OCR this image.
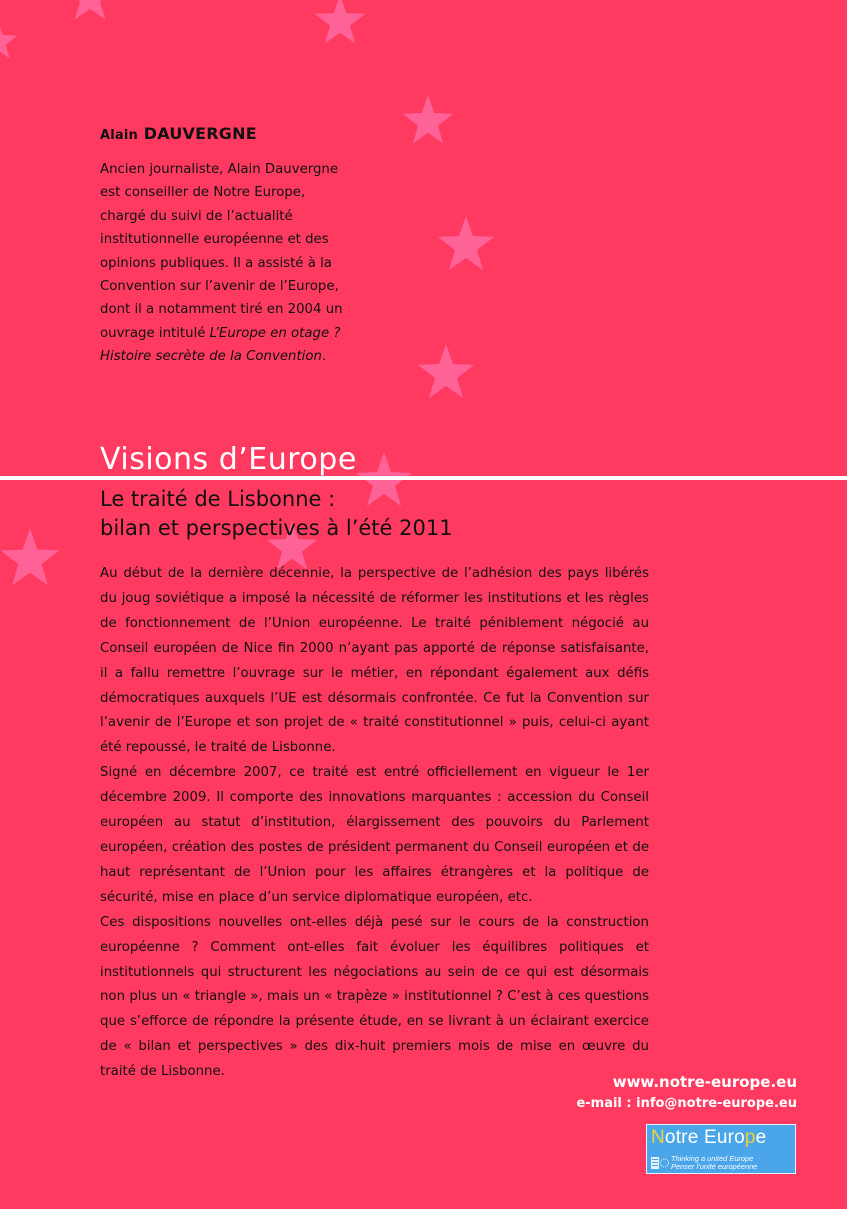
Alain DAUVERGNE

Ancien journaliste, Alain Dauvergne
est conseiller de Notre Europe,
chargé du suivi de l’actualité
institutionnelle européenne et des
opinions publiques. Il a assisté à la
Convention sur l’avenir de l’Europe,
dont il a notamment tiré en 2004 un
ouvrage intitulé L’Europe en otage ?
Histoire secrète de la Convention.

Visions d’Europe
Le traité de Lisbonne :
bilan et perspectives à l’été 2011

Au début de la dernière décennie, la perspective de l’adhésion des pays libérés du joug soviétique a imposé la nécessité de réformer les institutions et les règles de fonctionnement de l’Union européenne. Le traité péniblement négocié au Conseil européen de Nice fin 2000 n’ayant pas apporté de réponse satisfaisante, il a fallu remettre l’ouvrage sur le métier, en répondant également aux défis démocratiques auxquels l’UE est désormais confrontée. Ce fut la Convention sur l’avenir de l’Europe et son projet de « traité constitutionnel » puis, celui-ci ayant été repoussé, le traité de Lisbonne.

Signé en décembre 2007, ce traité est entré officiellement en vigueur le 1er décembre 2009. Il comporte des innovations marquantes : accession du Conseil européen au statut d’institution, élargissement des pouvoirs du Parlement européen, création des postes de président permanent du Conseil européen et de haut représentant de l’Union pour les affaires étrangères et la politique de sécurité, mise en place d’un service diplomatique européen, etc.

Ces dispositions nouvelles ont-elles déjà pesé sur le cours de la construction européenne ? Comment ont-elles fait évoluer les équilibres politiques et institutionnels qui structurent les négociations au sein de ce qui est désormais non plus un « triangle », mais un « trapèze » institutionnel ? C’est à ces questions que s’efforce de répondre la présente étude, en se livrant à un éclairant exercice de « bilan et perspectives » des dix-huit premiers mois de mise en œuvre du traité de Lisbonne.

www.notre-europe.eu
e-mail : info@notre-europe.eu
Notre Europe
Thinking a united Europe
Penser l’unité européenne
